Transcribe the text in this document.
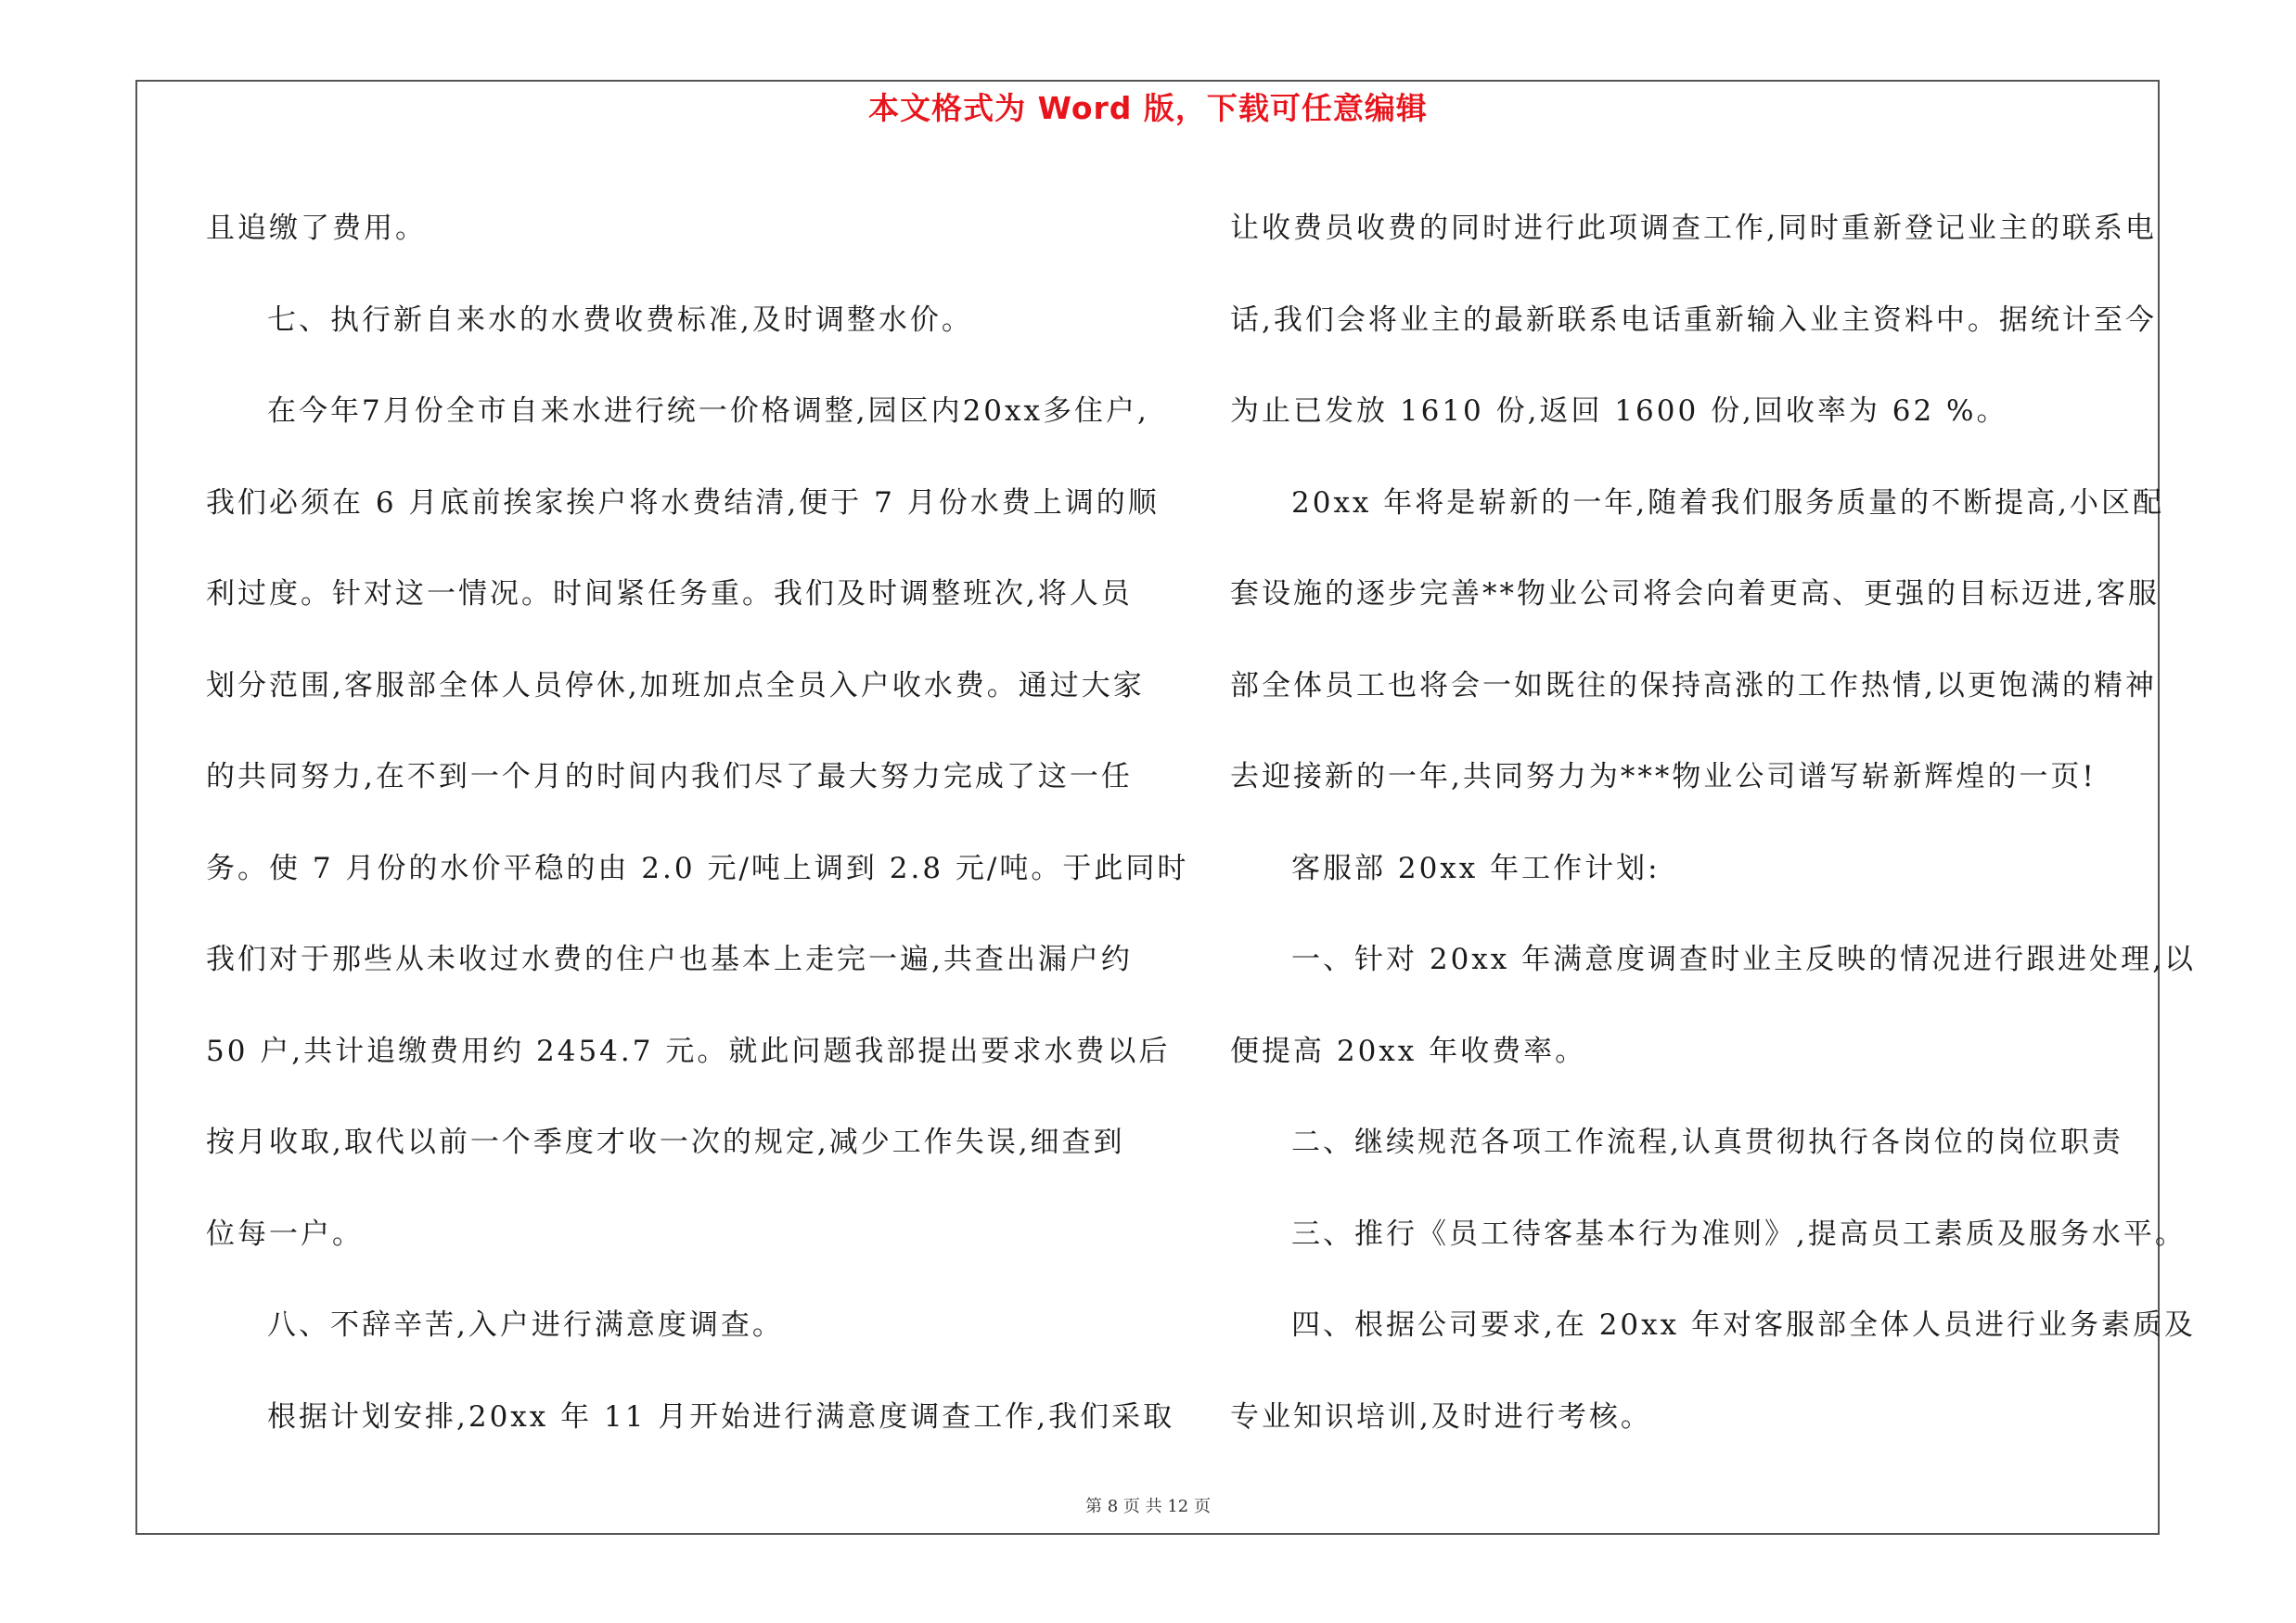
本文格式为 Word 版，下载可任意编辑

且追缴了费用。

七、执行新自来水的水费收费标准,及时调整水价。

在今年7月份全市自来水进行统一价格调整,园区内20xx多住户,

我们必须在 6 月底前挨家挨户将水费结清,便于 7 月份水费上调的顺

利过度。针对这一情况。时间紧任务重。我们及时调整班次,将人员

划分范围,客服部全体人员停休,加班加点全员入户收水费。通过大家

的共同努力,在不到一个月的时间内我们尽了最大努力完成了这一任

务。使 7 月份的水价平稳的由 2.0 元/吨上调到 2.8 元/吨。于此同时

我们对于那些从未收过水费的住户也基本上走完一遍,共查出漏户约

50 户,共计追缴费用约 2454.7 元。就此问题我部提出要求水费以后

按月收取,取代以前一个季度才收一次的规定,减少工作失误,细查到

位每一户。

八、不辞辛苦,入户进行满意度调查。

根据计划安排,20xx 年 11 月开始进行满意度调查工作,我们采取

让收费员收费的同时进行此项调查工作,同时重新登记业主的联系电

话,我们会将业主的最新联系电话重新输入业主资料中。据统计至今

为止已发放 1610 份,返回 1600 份,回收率为 62 %。

20xx 年将是崭新的一年,随着我们服务质量的不断提高,小区配

套设施的逐步完善**物业公司将会向着更高、更强的目标迈进,客服

部全体员工也将会一如既往的保持高涨的工作热情,以更饱满的精神

去迎接新的一年,共同努力为***物业公司谱写崭新辉煌的一页!

客服部 20xx 年工作计划:

一、针对 20xx 年满意度调查时业主反映的情况进行跟进处理,以

便提高 20xx 年收费率。

二、继续规范各项工作流程,认真贯彻执行各岗位的岗位职责

三、推行《员工待客基本行为准则》,提高员工素质及服务水平。

四、根据公司要求,在 20xx 年对客服部全体人员进行业务素质及

专业知识培训,及时进行考核。

第 8 页 共 12 页
